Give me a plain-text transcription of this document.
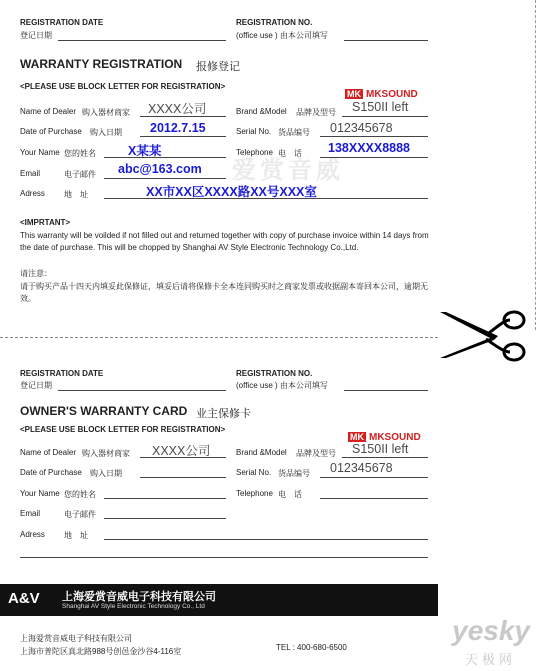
REGISTRATION DATE
登记日期
REGISTRATION NO.
(office use ) 由本公司填写
WARRANTY REGISTRATION 报修登记
<PLEASE USE BLOCK LETTER FOR REGISTRATION>
MK MKSOUND
爱赏音威
Name of Dealer 购入器材商家 XXXX公司	Brand &Model 品牌及型号 S150II left
Date of Purchase 购入日期 2012.7.15	Serial No. 货品编号 012345678
Your Name 您的姓名	X某某	Telephone 电　话 138XXXX8888
Email	电子邮件 abc@163.com
Adress 地　址	XX市XX区XXXX路XX号XXX室
<IMPRTANT>
This warranty will be voilded if not filled out and returned together with copy of purchase invoice within 14 days from the date of purchase. This will be chopped by Shanghai AV Style Electronic Technology Co.,Ltd.
请注意：
请于购买产品十四天内填妥此保修证，填妥后请将保修卡全本连同购买时之商家发票或收据副本寄回本公司，逾期无效。
REGISTRATION DATE
登记日期
REGISTRATION NO.
(office use ) 由本公司填写
OWNER'S WARRANTY CARD 业主保修卡
<PLEASE USE BLOCK LETTER FOR REGISTRATION>
MK MKSOUND
Name of Dealer 购入器材商家 XXXX公司	Brand &Model 品牌及型号 S150II left
Date of Purchase 购入日期	Serial No. 货品编号 012345678
Your Name 您的姓名	Telephone 电　话
Email	电子邮件
Adress 地　址
A&V 上海爱赏音威电子科技有限公司
Shanghai AV Style Electronic Technology Co., Ltd
上海爱赏音威电子科技有限公司
上海市普陀区真北路988号创邑金沙谷4-116室	TEL : 400-680-6500
yesky
天极网
